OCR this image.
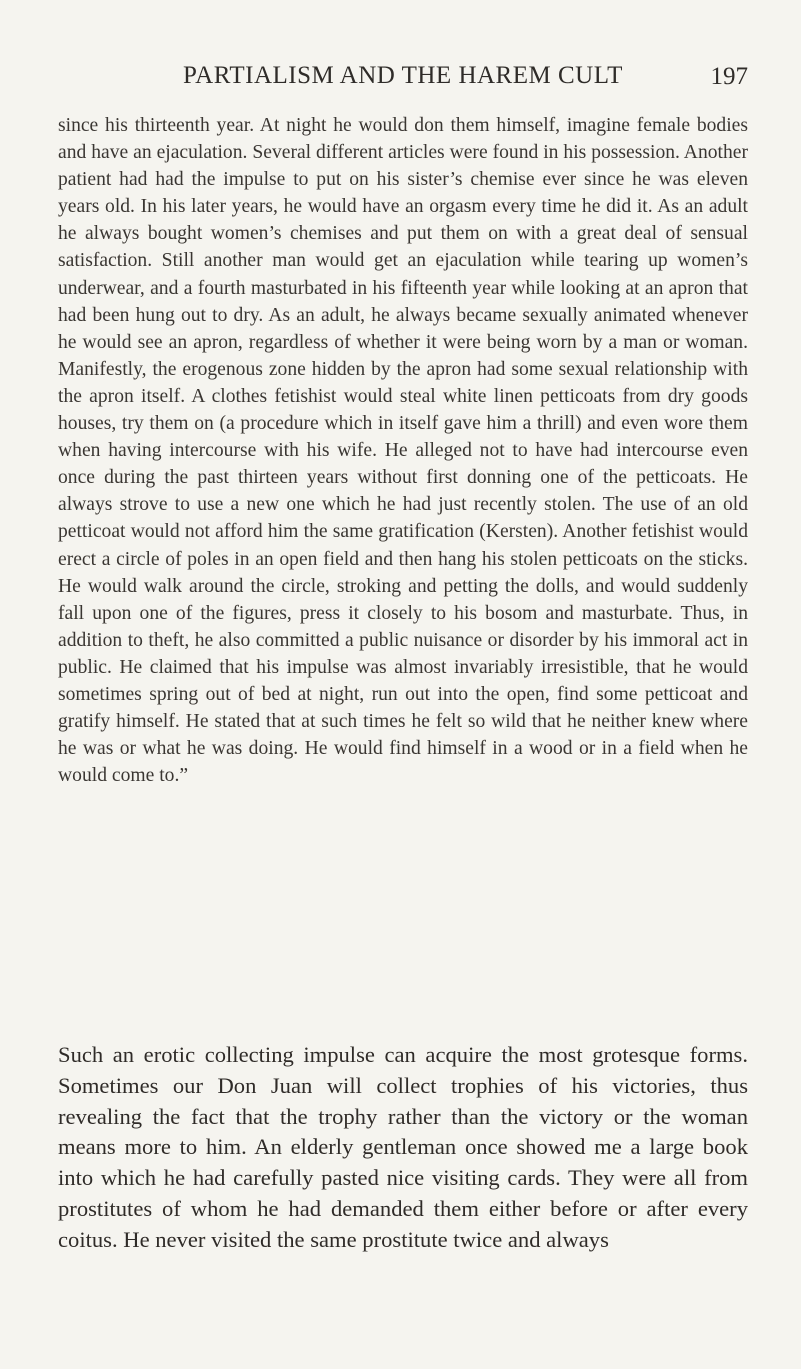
PARTIALISM AND THE HAREM CULT	197

since his thirteenth year. At night he would don them himself, imagine female bodies and have an ejaculation. Several different articles were found in his possession. Another patient had had the impulse to put on his sister’s chemise ever since he was eleven years old. In his later years, he would have an orgasm every time he did it. As an adult he always bought women’s chemises and put them on with a great deal of sensual satisfaction. Still another man would get an ejaculation while tearing up women’s underwear, and a fourth masturbated in his fifteenth year while looking at an apron that had been hung out to dry. As an adult, he always became sexually animated whenever he would see an apron, regardless of whether it were being worn by a man or woman. Manifestly, the erogenous zone hidden by the apron had some sexual relationship with the apron itself. A clothes fetishist would steal white linen petticoats from dry goods houses, try them on (a procedure which in itself gave him a thrill) and even wore them when having intercourse with his wife. He alleged not to have had intercourse even once during the past thirteen years without first donning one of the petticoats. He always strove to use a new one which he had just recently stolen. The use of an old petticoat would not afford him the same gratification (Kersten). Another fetishist would erect a circle of poles in an open field and then hang his stolen petticoats on the sticks. He would walk around the circle, stroking and petting the dolls, and would suddenly fall upon one of the figures, press it closely to his bosom and masturbate. Thus, in addition to theft, he also committed a public nuisance or disorder by his immoral act in public. He claimed that his impulse was almost invariably irresistible, that he would sometimes spring out of bed at night, run out into the open, find some petticoat and gratify himself. He stated that at such times he felt so wild that he neither knew where he was or what he was doing. He would find himself in a wood or in a field when he would come to.”

Such an erotic collecting impulse can acquire the most grotesque forms. Sometimes our Don Juan will collect trophies of his victories, thus revealing the fact that the trophy rather than the victory or the woman means more to him. An elderly gentleman once showed me a large book into which he had carefully pasted nice visiting cards. They were all from prostitutes of whom he had demanded them either before or after every coitus. He never visited the same prostitute twice and always
